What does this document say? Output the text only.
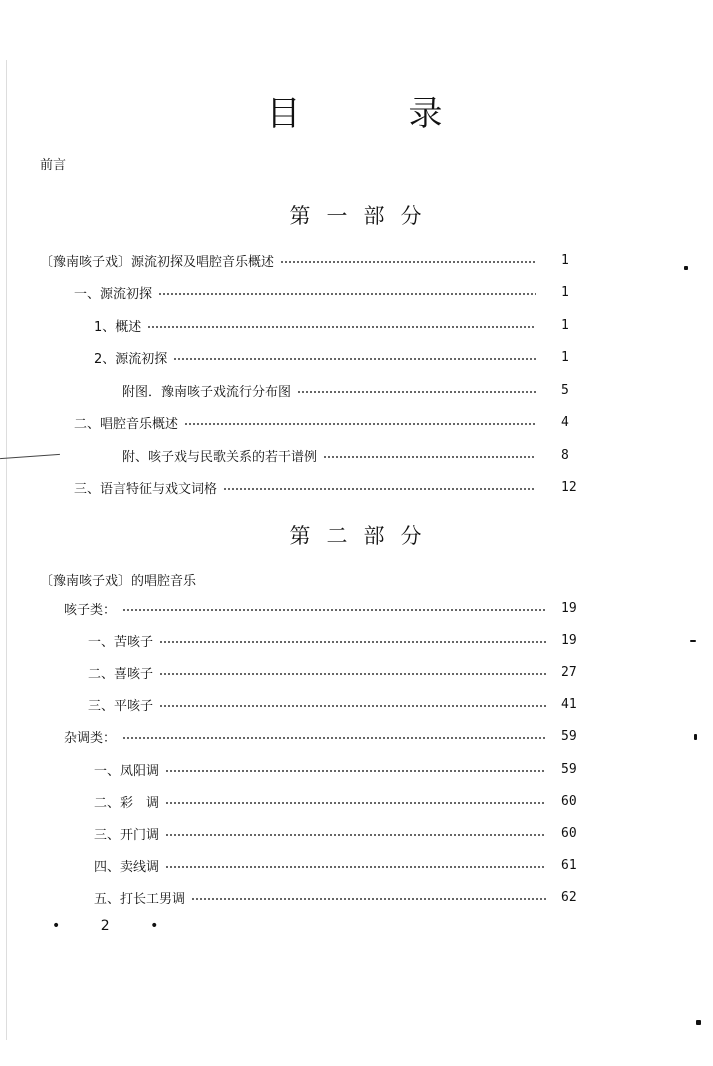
目	录
前言
第 一 部 分
〔豫南咳子戏〕源流初探及唱腔音乐概述	1
一、源流初探	1
1、概述	1
2、源流初探	1
附图．豫南咳子戏流行分布图	5
二、唱腔音乐概述	4
附、咳子戏与民歌关系的若干谱例	8
三、语言特征与戏文词格	12
第 二 部 分
〔豫南咳子戏〕的唱腔音乐
咳子类：	19
一、苦咳子	19
二、喜咳子	27
三、平咳子	41
杂调类：	59
一、凤阳调	59
二、彩　调	60
三、开门调	60
四、卖线调	61
五、打长工男调	62
• 2 •
